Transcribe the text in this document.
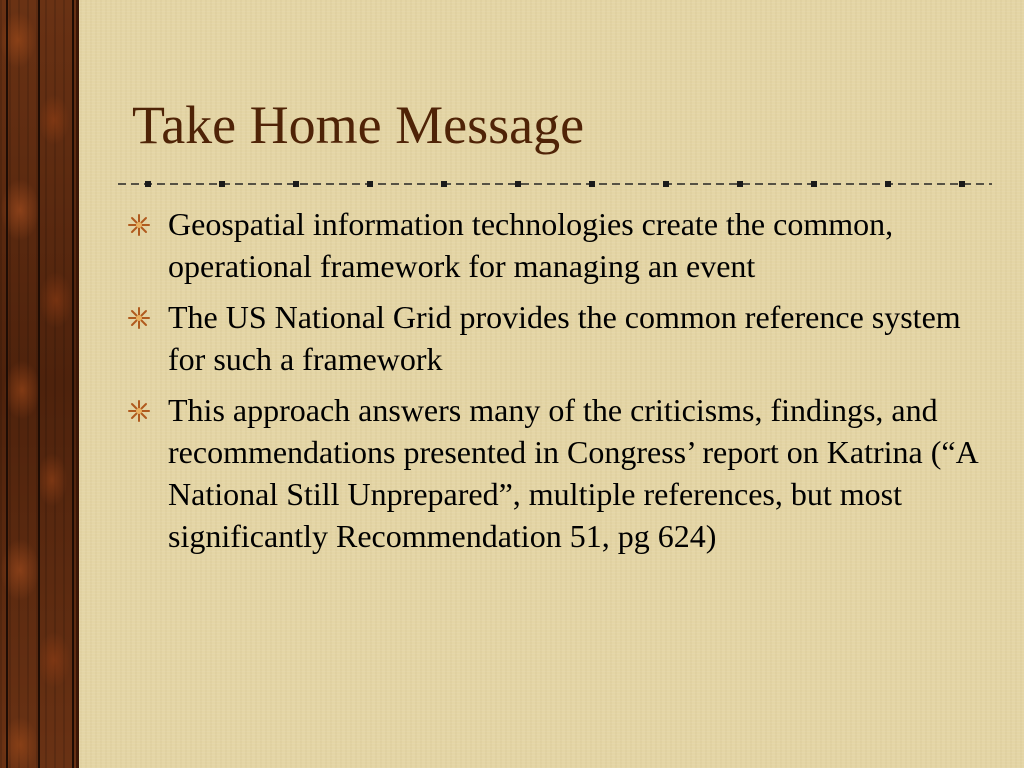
Take Home Message
Geospatial information technologies create the common, operational framework for managing an event
The US National Grid provides the common reference system for such a framework
This approach answers many of the criticisms, findings, and recommendations presented in Congress’ report on Katrina (“A National Still Unprepared”, multiple references, but most significantly Recommendation 51, pg 624)
